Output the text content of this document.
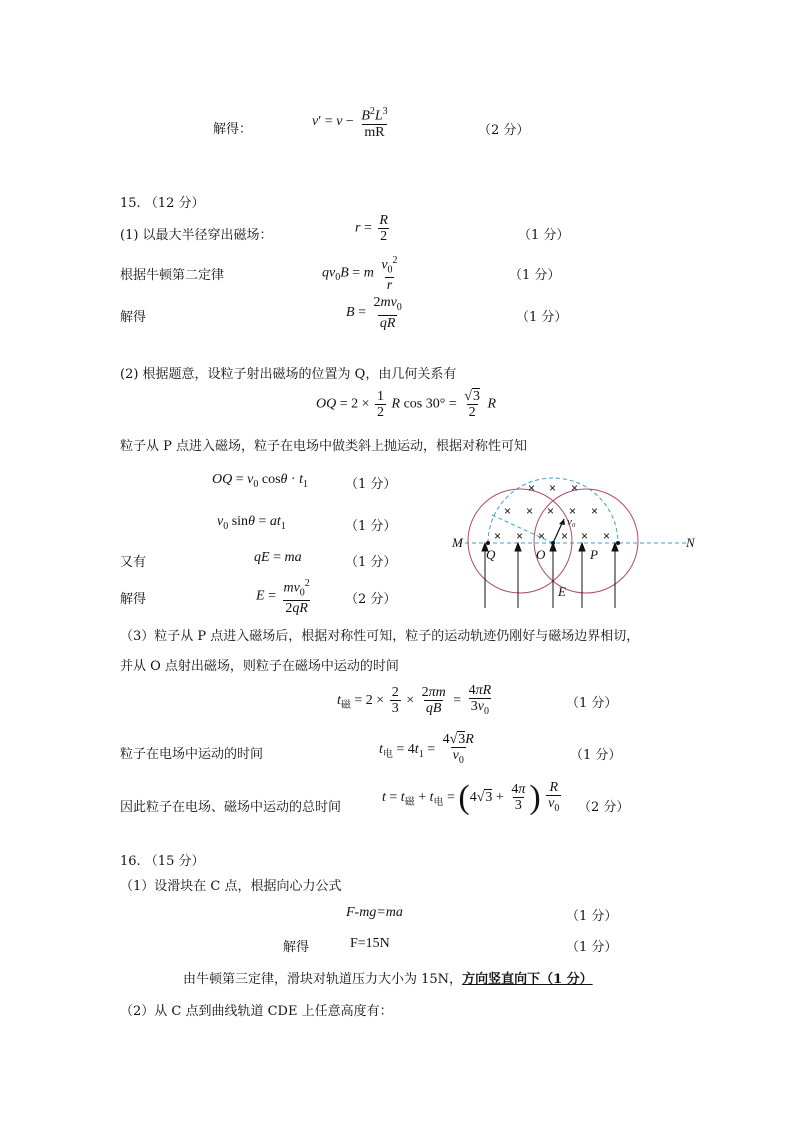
解得：
$v' = v - \frac{B^2L^3}{mR}$	（2 分）
15. （12 分）
(1) 以最大半径穿出磁场：	$r = \frac{R}{2}$	（1 分）
根据牛顿第二定律	$qv_0B = m \frac{v_0^2}{r}$	（1 分）
解得	$B = \frac{2mv_0}{qR}$	（1 分）
(2) 根据题意，设粒子射出磁场的位置为 Q，由几何关系有
OQ = $2 \times \frac{1}{2}$ R $\cos 30^\circ = \frac{√3}{2}$ R
粒子从 P 点进入磁场，粒子在电场中做类斜上抛运动，根据对称性可知
OQ = $v_0$ $\cos\theta \cdot t_1$	（1 分）
$v_0$ $\sin\theta = at_1$	（1 分）
又有	qE = ma	（1 分）
解得	$E = \frac{mv_0^2}{2qR}$	（2 分）
× × ×
× × × × ×
× × × × × ×
M	N
Q	O	P
E
v₀
（3）粒子从 P 点进入磁场后，根据对称性可知，粒子的运动轨迹仍刚好与磁场边界相切，
并从 O 点射出磁场，则粒子在磁场中运动的时间
$t_磁 = 2 \times \frac{2}{3} \times \frac{2\pi m}{qB} = \frac{4\pi R}{3v_0}$	（1 分）
粒子在电场中运动的时间	$t_电 = 4t_1 = \frac{4√3R}{v_0}$	（1 分）
因此粒子在电场、磁场中运动的总时间
$t = t_磁 + t_电 = (4√3 + \frac{4\pi}{3}$ ) $\frac{R}{v_0} (2$ 分）
16. （15 分）
（1）设滑块在 C 点，根据向心力公式
F-mg=ma	（1 分）
解得	F=15N	（1 分）
由牛顿第三定律，滑块对轨道压力大小为 15N，方向竖直向下（1 分）
（2）从 C 点到曲线轨道 CDE 上任意高度有：
